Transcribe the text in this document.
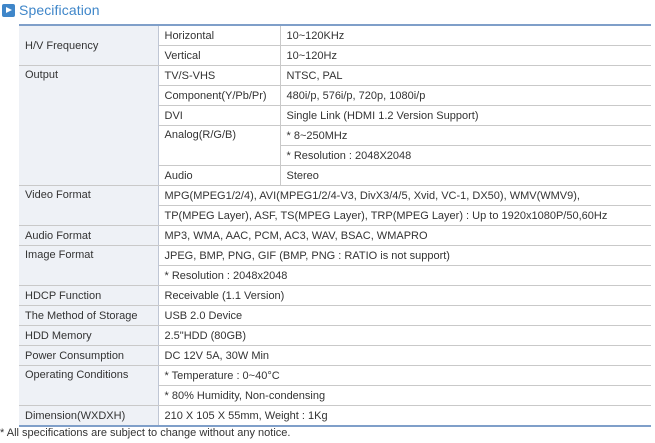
Specification
H/V Frequency	Horizontal	10~120KHz
	Vertical	10~120Hz
Output	TV/S-VHS	NTSC, PAL
	Component(Y/Pb/Pr)	480i/p, 576i/p, 720p, 1080i/p
	DVI	Single Link (HDMI 1.2 Version Support)
	Analog(R/G/B)	* 8~250MHz
		* Resolution : 2048X2048
	Audio	Stereo
Video Format	MPG(MPEG1/2/4), AVI(MPEG1/2/4-V3, DivX3/4/5, Xvid, VC-1, DX50), WMV(WMV9),	
	TP(MPEG Layer), ASF, TS(MPEG Layer), TRP(MPEG Layer) : Up to 1920x1080P/50,60Hz	
Audio Format	MP3, WMA, AAC, PCM, AC3, WAV, BSAC, WMAPRO	
Image Format	JPEG, BMP, PNG, GIF (BMP, PNG : RATIO is not support)	
	* Resolution : 2048x2048	
HDCP Function	Receivable (1.1 Version)	
The Method of Storage	USB 2.0 Device	
HDD Memory	2.5"HDD (80GB)	
Power Consumption	DC 12V 5A, 30W Min	
Operating Conditions	* Temperature : 0~40°C	
	* 80% Humidity, Non-condensing	
Dimension(WXDXH)	210 X 105 X 55mm, Weight : 1Kg	
* All specifications are subject to change without any notice.
